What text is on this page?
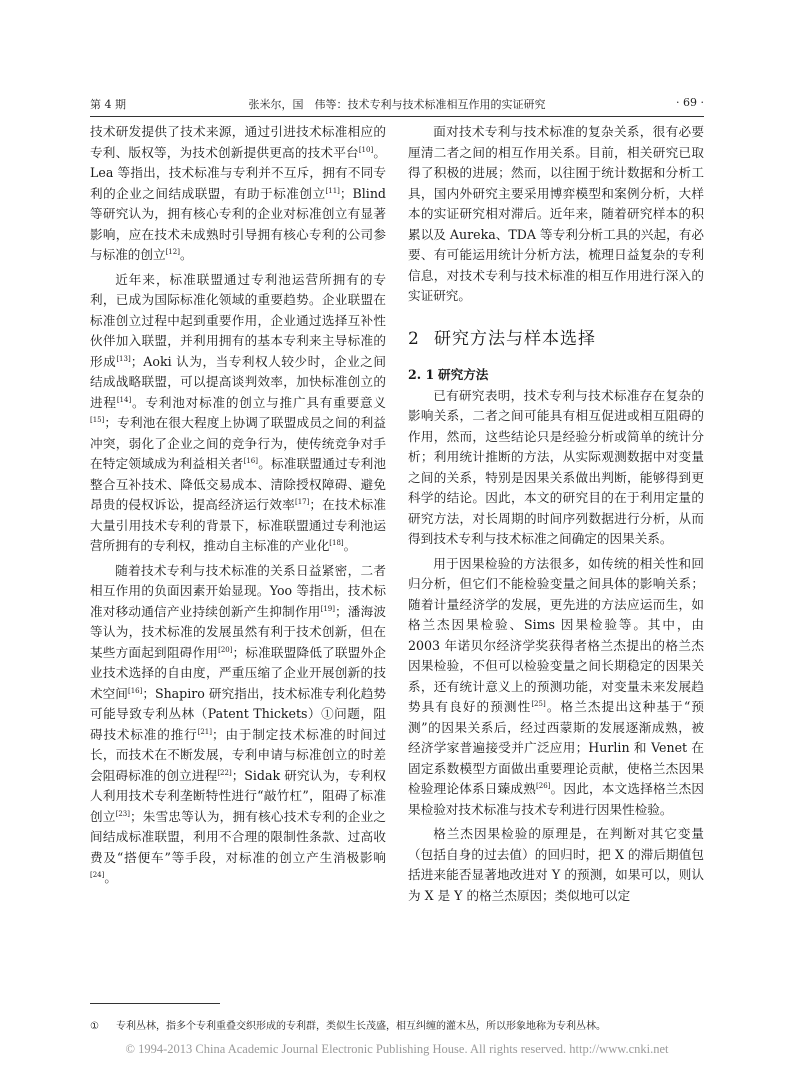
第 4 期	张米尔，国　伟等：技术专利与技术标准相互作用的实证研究	· 69 ·

技术研发提供了技术来源，通过引进技术标准相应的专利、版权等，为技术创新提供更高的技术平台[10]。Lea 等指出，技术标准与专利并不互斥，拥有不同专利的企业之间结成联盟，有助于标准创立[11]；Blind 等研究认为，拥有核心专利的企业对标准创立有显著影响，应在技术未成熟时引导拥有核心专利的公司参与标准的创立[12]。

近年来，标准联盟通过专利池运营所拥有的专利，已成为国际标准化领域的重要趋势。企业联盟在标准创立过程中起到重要作用，企业通过选择互补性伙伴加入联盟，并利用拥有的基本专利来主导标准的形成[13]；Aoki 认为，当专利权人较少时，企业之间结成战略联盟，可以提高谈判效率，加快标准创立的进程[14]。专利池对标准的创立与推广具有重要意义[15]；专利池在很大程度上协调了联盟成员之间的利益冲突，弱化了企业之间的竞争行为，使传统竞争对手在特定领域成为利益相关者[16]。标准联盟通过专利池整合互补技术、降低交易成本、清除授权障碍、避免昂贵的侵权诉讼，提高经济运行效率[17]；在技术标准大量引用技术专利的背景下，标准联盟通过专利池运营所拥有的专利权，推动自主标准的产业化[18]。

随着技术专利与技术标准的关系日益紧密，二者相互作用的负面因素开始显现。Yoo 等指出，技术标准对移动通信产业持续创新产生抑制作用[19]；潘海波等认为，技术标准的发展虽然有利于技术创新，但在某些方面起到阻碍作用[20]；标准联盟降低了联盟外企业技术选择的自由度，严重压缩了企业开展创新的技术空间[16]；Shapiro 研究指出，技术标准专利化趋势可能导致专利丛林（Patent Thickets）①问题，阻碍技术标准的推行[21]；由于制定技术标准的时间过长，而技术在不断发展，专利申请与标准创立的时差会阻碍标准的创立进程[22]；Sidak 研究认为，专利权人利用技术专利垄断特性进行“敲竹杠”，阻碍了标准创立[23]；朱雪忠等认为，拥有核心技术专利的企业之间结成标准联盟，利用不合理的限制性条款、过高收费及“搭便车”等手段，对标准的创立产生消极影响[24]。

面对技术专利与技术标准的复杂关系，很有必要厘清二者之间的相互作用关系。目前，相关研究已取得了积极的进展；然而，以往囿于统计数据和分析工具，国内外研究主要采用博弈模型和案例分析，大样本的实证研究相对滞后。近年来，随着研究样本的积累以及 Aureka、TDA 等专利分析工具的兴起，有必要、有可能运用统计分析方法，梳理日益复杂的专利信息，对技术专利与技术标准的相互作用进行深入的实证研究。

2 研究方法与样本选择
2. 1 研究方法

已有研究表明，技术专利与技术标准存在复杂的影响关系，二者之间可能具有相互促进或相互阻碍的作用，然而，这些结论只是经验分析或简单的统计分析；利用统计推断的方法，从实际观测数据中对变量之间的关系，特别是因果关系做出判断，能够得到更科学的结论。因此，本文的研究目的在于利用定量的研究方法，对长周期的时间序列数据进行分析，从而得到技术专利与技术标准之间确定的因果关系。

用于因果检验的方法很多，如传统的相关性和回归分析，但它们不能检验变量之间具体的影响关系；随着计量经济学的发展，更先进的方法应运而生，如格兰杰因果检验、Sims 因果检验等。其中，由 2003 年诺贝尔经济学奖获得者格兰杰提出的格兰杰因果检验，不但可以检验变量之间长期稳定的因果关系，还有统计意义上的预测功能，对变量未来发展趋势具有良好的预测性[25]。格兰杰提出这种基于“预测”的因果关系后，经过西蒙斯的发展逐渐成熟，被经济学家普遍接受并广泛应用；Hurlin 和 Venet 在固定系数模型方面做出重要理论贡献，使格兰杰因果检验理论体系日臻成熟[26]。因此，本文选择格兰杰因果检验对技术标准与技术专利进行因果性检验。

格兰杰因果检验的原理是，在判断对其它变量（包括自身的过去值）的回归时，把 X 的滞后期值包括进来能否显著地改进对 Y 的预测，如果可以，则认为 X 是 Y 的格兰杰原因；类似地可以定

① 专利丛林，指多个专利重叠交织形成的专利群，类似生长茂盛，相互纠缠的灌木丛，所以形象地称为专利丛林。
© 1994-2013 China Academic Journal Electronic Publishing House. All rights reserved. http://www.cnki.net
